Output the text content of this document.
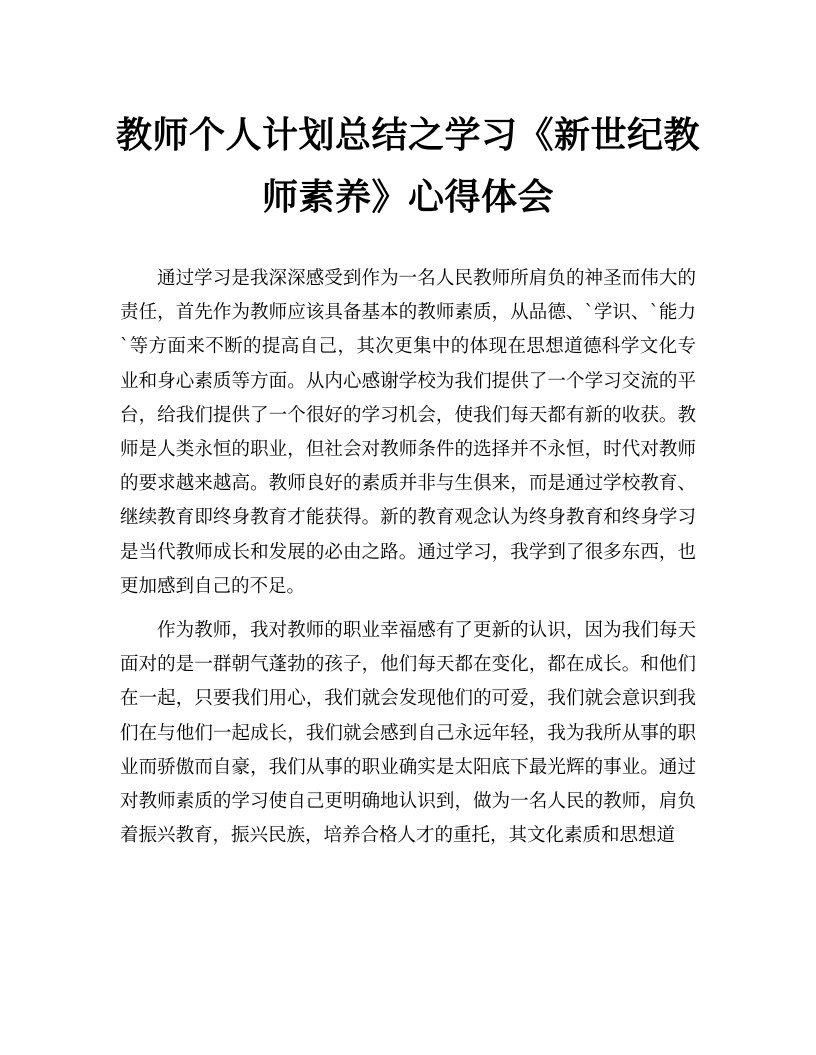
教师个人计划总结之学习《新世纪教师素养》心得体会

通过学习是我深深感受到作为一名人民教师所肩负的神圣而伟大的责任，首先作为教师应该具备基本的教师素质，从品德、`学识、`能力`等方面来不断的提高自己，其次更集中的体现在思想道德科学文化专业和身心素质等方面。从内心感谢学校为我们提供了一个学习交流的平台，给我们提供了一个很好的学习机会，使我们每天都有新的收获。教师是人类永恒的职业，但社会对教师条件的选择并不永恒，时代对教师的要求越来越高。教师良好的素质并非与生俱来，而是通过学校教育、继续教育即终身教育才能获得。新的教育观念认为终身教育和终身学习是当代教师成长和发展的必由之路。通过学习，我学到了很多东西，也更加感到自己的不足。

作为教师，我对教师的职业幸福感有了更新的认识，因为我们每天面对的是一群朝气蓬勃的孩子，他们每天都在变化，都在成长。和他们在一起，只要我们用心，我们就会发现他们的可爱，我们就会意识到我们在与他们一起成长，我们就会感到自己永远年轻，我为我所从事的职业而骄傲而自豪，我们从事的职业确实是太阳底下最光辉的事业。通过对教师素质的学习使自己更明确地认识到，做为一名人民的教师，肩负着振兴教育，振兴民族，培养合格人才的重托，其文化素质和思想道
